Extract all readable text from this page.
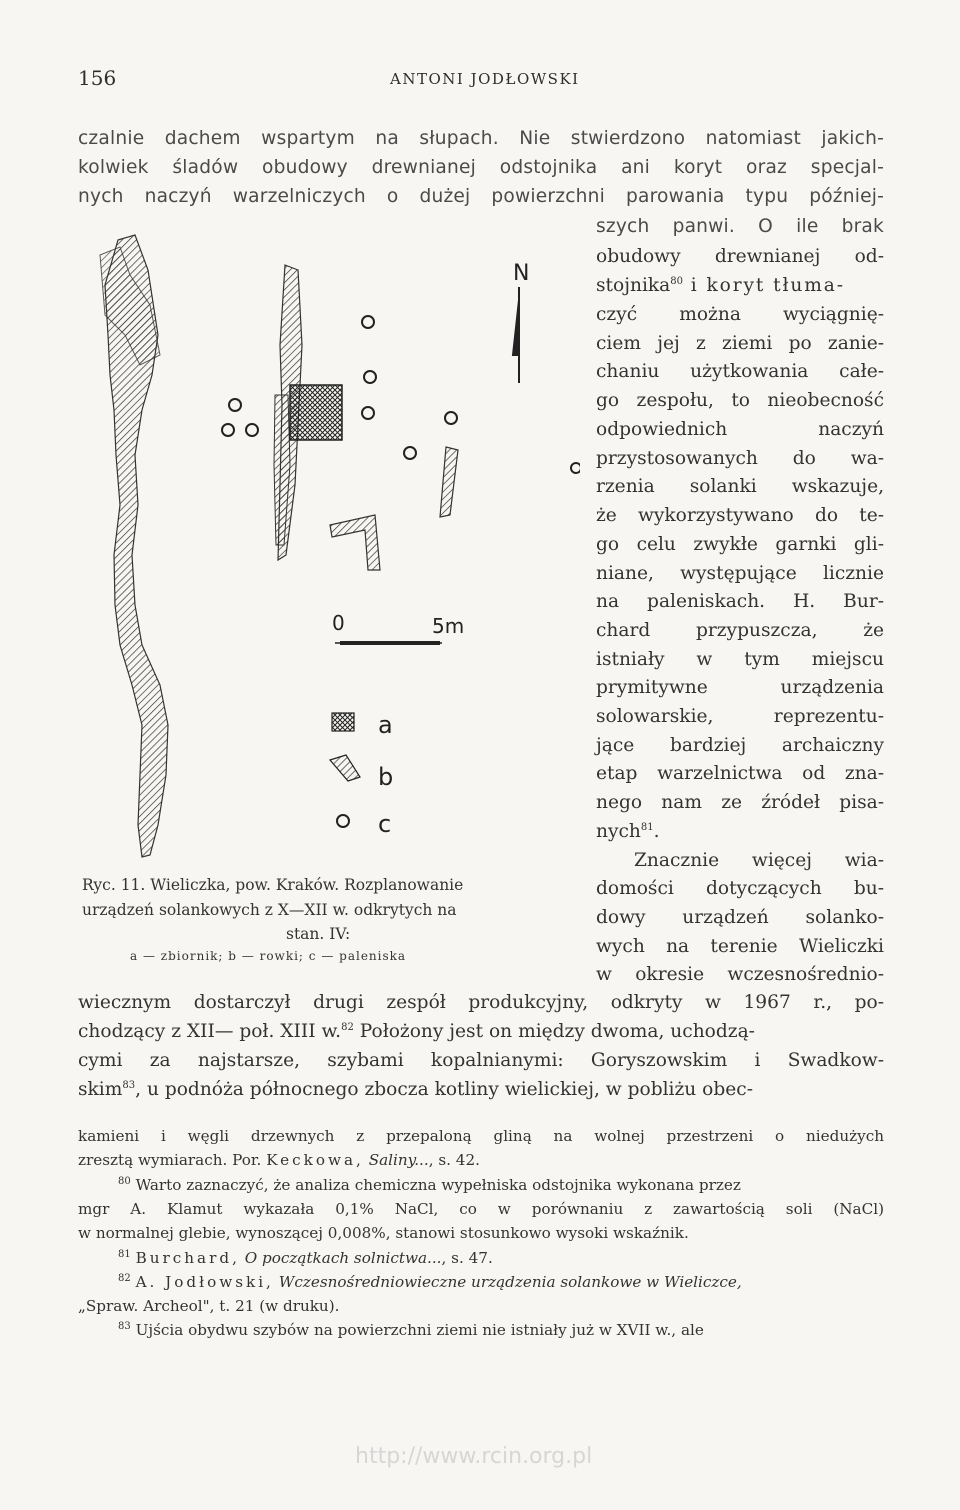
156	ANTONI JODŁOWSKI
czalnie dachem wspartym na słupach. Nie stwierdzono natomiast jakich-
kolwiek śladów obudowy drewnianej odstojnika ani koryt oraz specjal-
nych naczyń warzelniczych o dużej powierzchni parowania typu później-
szych panwi. O ile brak
obudowy drewnianej od-
stojnika$^{80}$ i koryt tłuma-
czyć można wyciągnię-
ciem jej z ziemi po zanie-
chaniu użytkowania całe-
go zespołu, to nieobecność
odpowiednich naczyń
przystosowanych do wa-
rzenia solanki wskazuje,
że wykorzystywano do te-
go celu zwykłe garnki gli-
niane, występujące licznie
na paleniskach. H. Bur-
chard przypuszcza, że
istniały w tym miejscu
prymitywne urządzenia
solowarskie, reprezentu-
jące bardziej archaiczny
etap warzelnictwa od zna-
nego nam ze źródeł pisa-
nych$^{81}$.
Znacznie więcej wia-
domości dotyczących bu-
dowy urządzeń solanko-
wych na terenie Wieliczki
w okresie wczesnośrednio-
N
0	5m
a
b
c
Ryc. 11. Wieliczka, pow. Kraków. Rozplanowanie
urządzeń solankowych z X—XII w. odkrytych na
stan. IV:
a — zbiornik; b — rowki; c — paleniska
wiecznym dostarczył drugi zespół produkcyjny, odkryty w 1967 r., po-
chodzący z XII— poł. XIII w.$^{82}$ Położony jest on między dwoma, uchodzą-
cymi za najstarsze, szybami kopalnianymi: Goryszowskim i Swadkow-
skim$^{83}$, u podnóża północnego zbocza kotliny wielickiej, w pobliżu obec-
kamieni i węgli drzewnych z przepaloną gliną na wolnej przestrzeni o niedużych
zresztą wymiarach. Por. Keckowa, Saliny..., s. 42.
$^{80}$ Warto zaznaczyć, że analiza chemiczna wypełniska odstojnika wykonana przez
mgr A. Klamut wykazała 0,1% NaCl, co w porównaniu z zawartością soli (NaCl)
w normalnej glebie, wynoszącej 0,008%, stanowi stosunkowo wysoki wskaźnik.
$^{81}$ Burchard, O początkach solnictwa..., s. 47.
$^{82}$ A. Jodłowski, Wczesnośredniowieczne urządzenia solankowe w Wieliczce,
„Spraw. Archeol", t. 21 (w druku).
$^{83}$ Ujścia obydwu szybów na powierzchni ziemi nie istniały już w XVII w., ale
http://www.rcin.org.pl
